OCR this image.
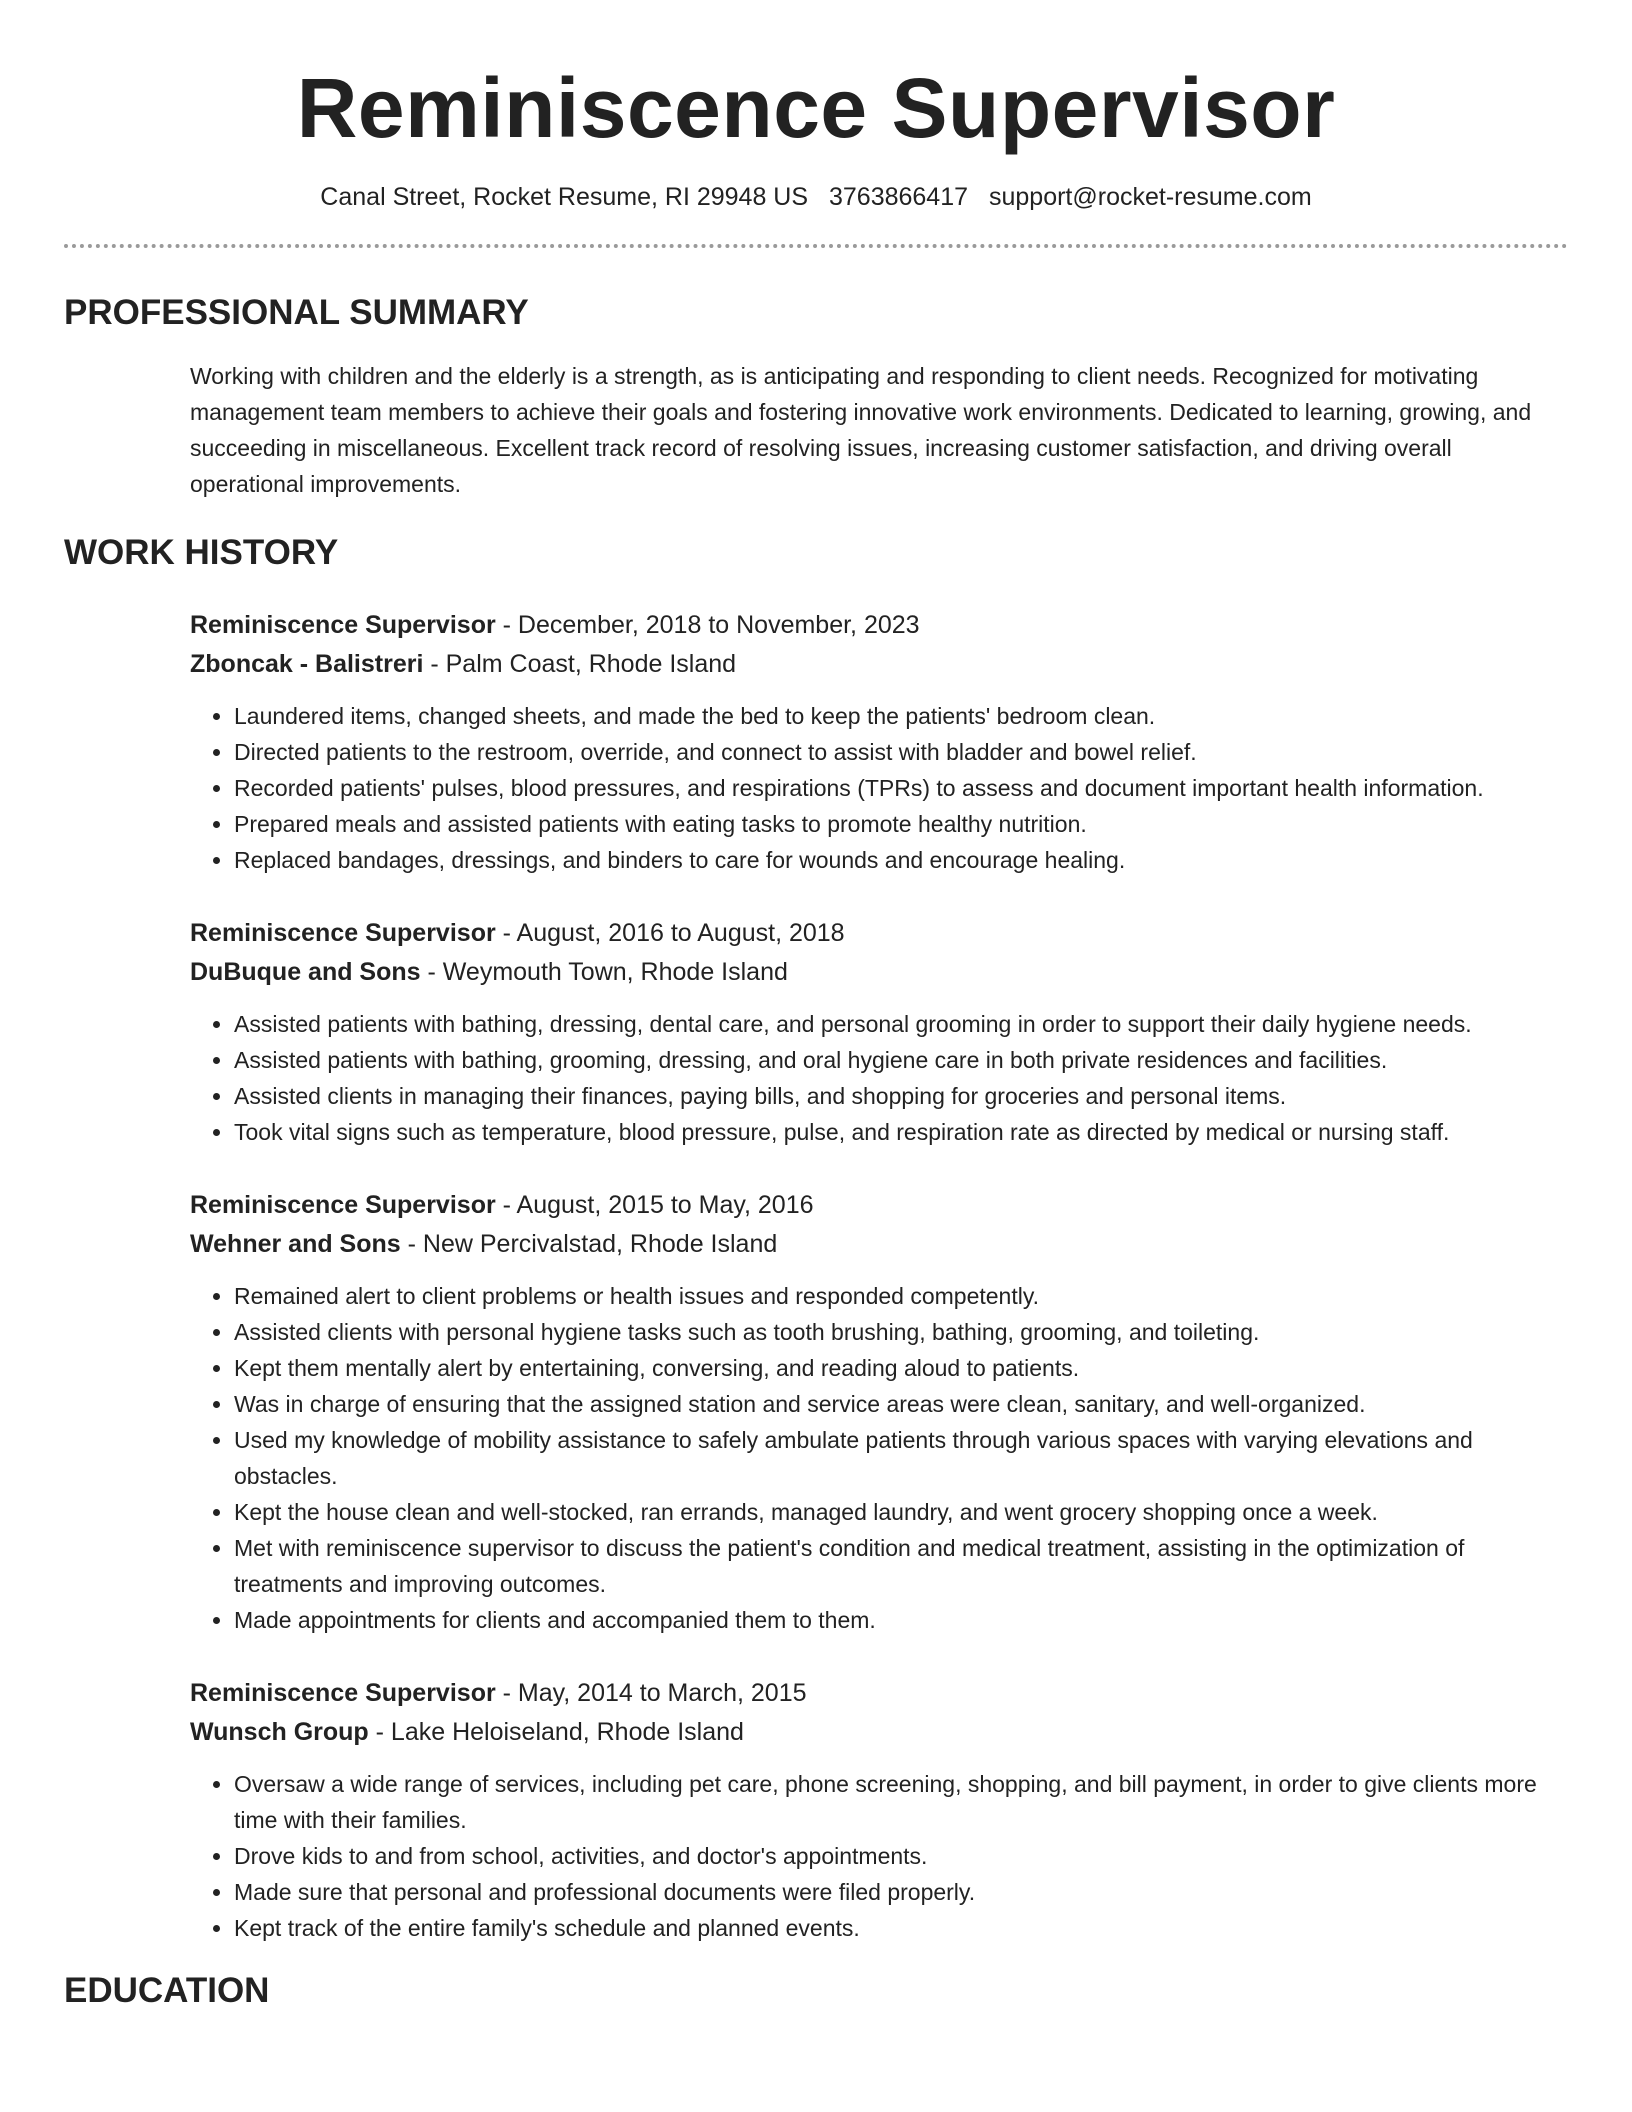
Reminiscence Supervisor
Canal Street, Rocket Resume, RI 29948 US 3763866417 support@rocket-resume.com
PROFESSIONAL SUMMARY

Working with children and the elderly is a strength, as is anticipating and responding to client needs. Recognized for motivating management team members to achieve their goals and fostering innovative work environments. Dedicated to learning, growing, and succeeding in miscellaneous. Excellent track record of resolving issues, increasing customer satisfaction, and driving overall operational improvements.

WORK HISTORY
Reminiscence Supervisor - December, 2018 to November, 2023
Zboncak - Balistreri - Palm Coast, Rhode Island
• Laundered items, changed sheets, and made the bed to keep the patients' bedroom clean.
• Directed patients to the restroom, override, and connect to assist with bladder and bowel relief.
• Recorded patients' pulses, blood pressures, and respirations (TPRs) to assess and document important health information.
• Prepared meals and assisted patients with eating tasks to promote healthy nutrition.
• Replaced bandages, dressings, and binders to care for wounds and encourage healing.
Reminiscence Supervisor - August, 2016 to August, 2018
DuBuque and Sons - Weymouth Town, Rhode Island
• Assisted patients with bathing, dressing, dental care, and personal grooming in order to support their daily hygiene needs.
• Assisted patients with bathing, grooming, dressing, and oral hygiene care in both private residences and facilities.
• Assisted clients in managing their finances, paying bills, and shopping for groceries and personal items.
• Took vital signs such as temperature, blood pressure, pulse, and respiration rate as directed by medical or nursing staff.
Reminiscence Supervisor - August, 2015 to May, 2016
Wehner and Sons - New Percivalstad, Rhode Island
• Remained alert to client problems or health issues and responded competently.
• Assisted clients with personal hygiene tasks such as tooth brushing, bathing, grooming, and toileting.
• Kept them mentally alert by entertaining, conversing, and reading aloud to patients.
• Was in charge of ensuring that the assigned station and service areas were clean, sanitary, and well-organized.
• Used my knowledge of mobility assistance to safely ambulate patients through various spaces with varying elevations and obstacles.
• Kept the house clean and well-stocked, ran errands, managed laundry, and went grocery shopping once a week.
• Met with reminiscence supervisor to discuss the patient's condition and medical treatment, assisting in the optimization of treatments and improving outcomes.
• Made appointments for clients and accompanied them to them.
Reminiscence Supervisor - May, 2014 to March, 2015
Wunsch Group - Lake Heloiseland, Rhode Island
• Oversaw a wide range of services, including pet care, phone screening, shopping, and bill payment, in order to give clients more time with their families.
• Drove kids to and from school, activities, and doctor's appointments.
• Made sure that personal and professional documents were filed properly.
• Kept track of the entire family's schedule and planned events.
EDUCATION
